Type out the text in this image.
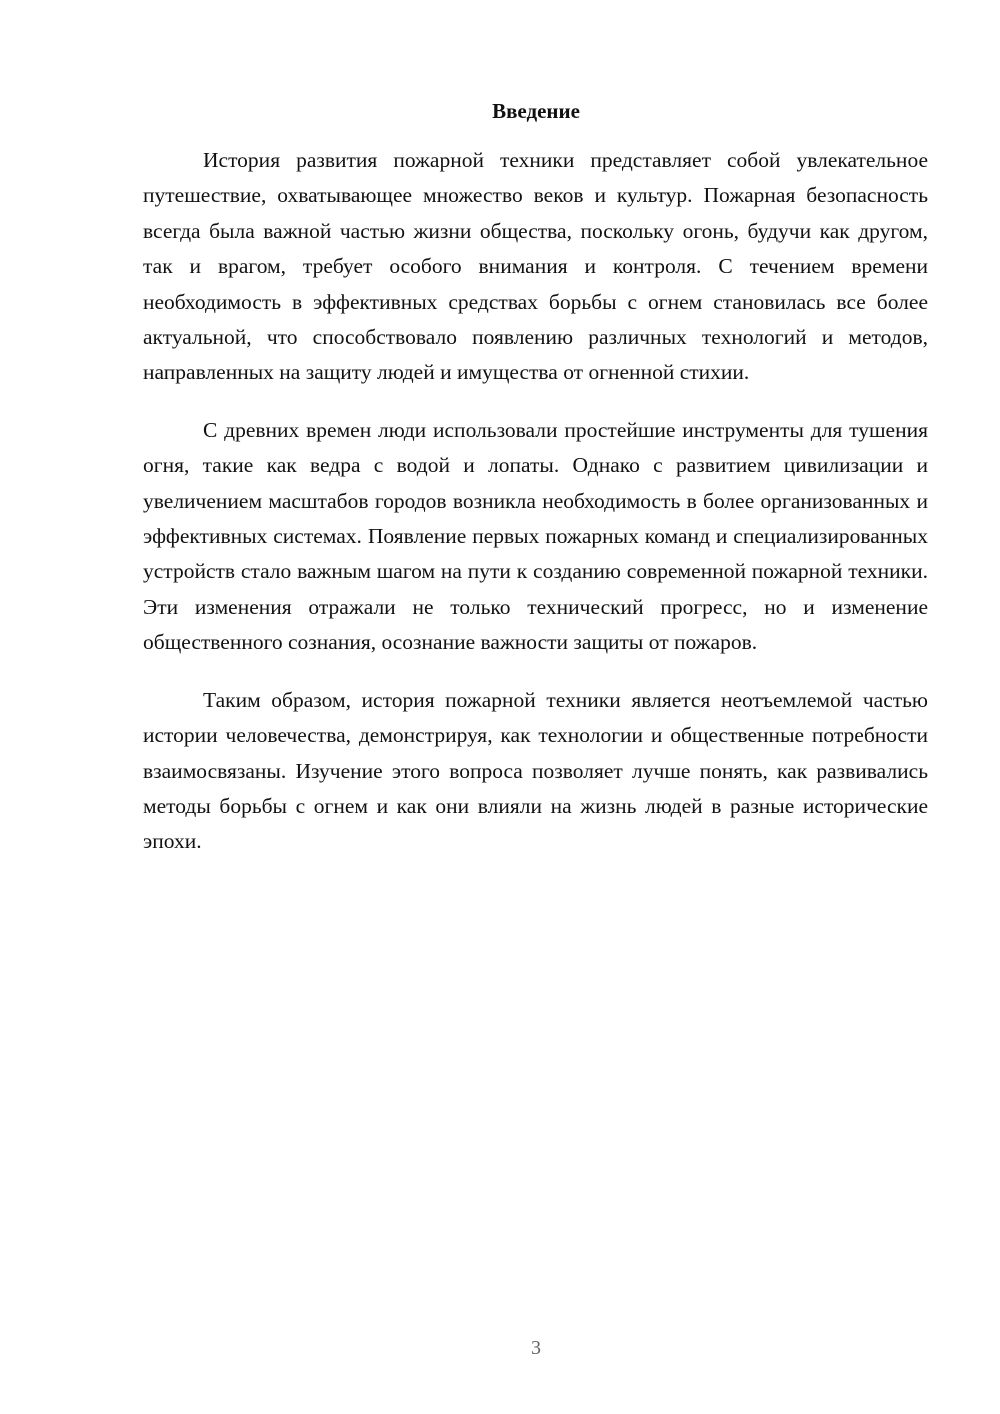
Введение

История развития пожарной техники представляет собой увлекательное путешествие, охватывающее множество веков и культур. Пожарная безопасность всегда была важной частью жизни общества, поскольку огонь, будучи как другом, так и врагом, требует особого внимания и контроля. С течением времени необходимость в эффективных средствах борьбы с огнем становилась все более актуальной, что способствовало появлению различных технологий и методов, направленных на защиту людей и имущества от огненной стихии.

С древних времен люди использовали простейшие инструменты для тушения огня, такие как ведра с водой и лопаты. Однако с развитием цивилизации и увеличением масштабов городов возникла необходимость в более организованных и эффективных системах. Появление первых пожарных команд и специализированных устройств стало важным шагом на пути к созданию современной пожарной техники. Эти изменения отражали не только технический прогресс, но и изменение общественного сознания, осознание важности защиты от пожаров.

Таким образом, история пожарной техники является неотъемлемой частью истории человечества, демонстрируя, как технологии и общественные потребности взаимосвязаны. Изучение этого вопроса позволяет лучше понять, как развивались методы борьбы с огнем и как они влияли на жизнь людей в разные исторические эпохи.

3
